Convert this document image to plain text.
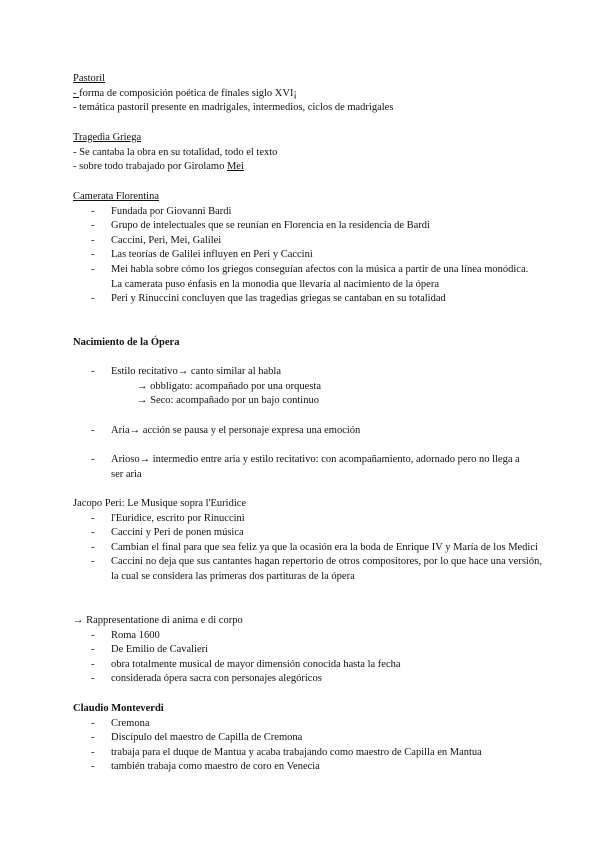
Pastoril
- forma de composición poética de finales siglo XVI¡
- temática pastoril presente en madrigales, intermedios, ciclos de madrigales
Tragedia Griega
- Se cantaba la obra en su totalidad, todo el texto
- sobre todo trabajado por Girolamo Mei
Camerata Florentina
- Fundada por Giovanni Bardi
- Grupo de intelectuales que se reunían en Florencia en la residencia de Bardi
- Caccini, Peri, Mei, Galilei
- Las teorías de Galilei influyen en Peri y Caccini
- Mei habla sobre cómo los griegos conseguían afectos con la música a partir de una línea monódica. La camerata puso énfasis en la monodia que llevaría al nacimiento de la ópera
- Peri y Rinuccini concluyen que las tragedias griegas se cantaban en su totalidad
Nacimiento de la Ópera
- Estilo recitativo→ canto similar al habla
→ obbligato: acompañado por una orquesta
→ Seco: acompañado por un bajo continuo
- Aria→ acción se pausa y el personaje expresa una emoción
- Arioso→ intermedio entre aria y estilo recitativo: con acompañamiento, adornado pero no llega a ser aria
Jacopo Peri: Le Musique sopra l'Euridice
- l'Euridice, escrito por Rinuccini
- Caccini y Peri de ponen música
- Cambian el final para que sea feliz ya que la ocasión era la boda de Enrique IV y María de los Medici
- Caccini no deja que sus cantantes hagan repertorio de otros compositores, por lo que hace una versión, la cual se considera las primeras dos partituras de la ópera
→ Rappresentatione di anima e di corpo
- Roma 1600
- De Emilio de Cavalieri
- obra totalmente musical de mayor dimensión conocida hasta la fecha
- considerada ópera sacra con personajes alegóricos
Claudio Monteverdi
- Cremona
- Discípulo del maestro de Capilla de Cremona
- trabaja para el duque de Mantua y acaba trabajando como maestro de Capilla en Mantua
- también trabaja como maestro de coro en Venecia
